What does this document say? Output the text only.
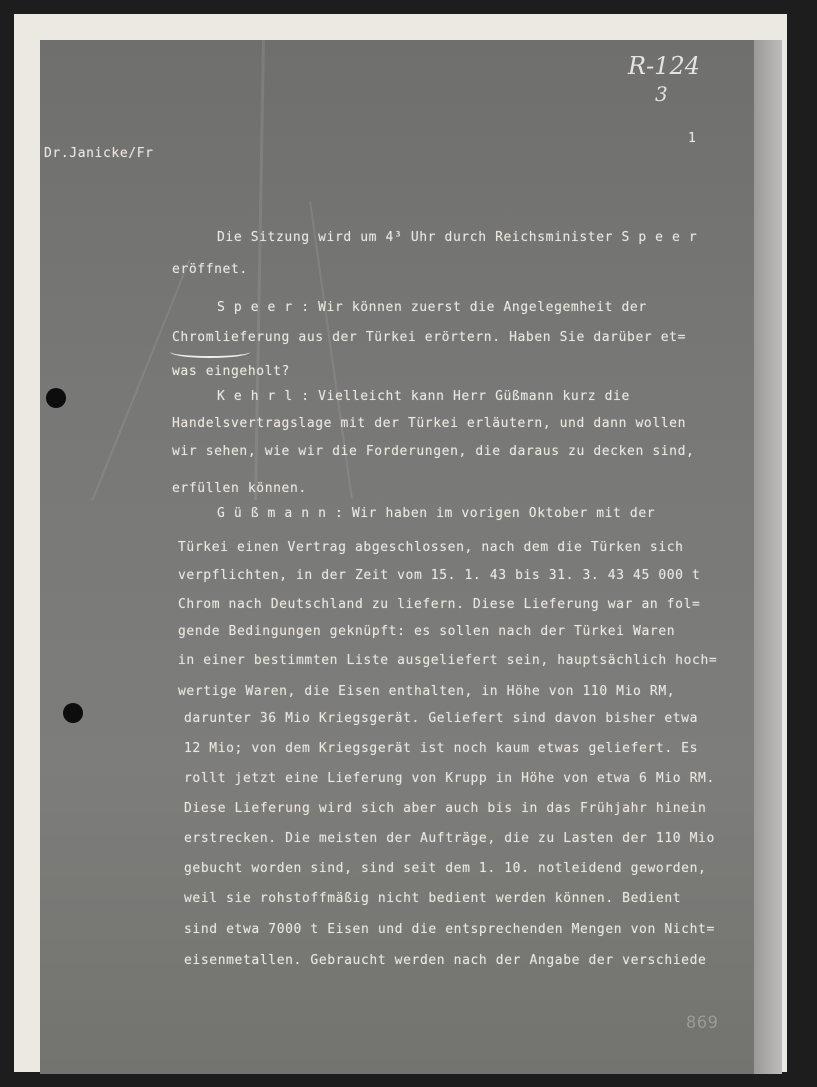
R-124
3
Dr.Janicke/Fr
1
Die Sitzung wird um 4³ Uhr durch Reichsminister S p e e r
eröffnet.
S p e e r : Wir können zuerst die Angelegemheit der
Chromlieferung aus der Türkei erörtern. Haben Sie darüber et=
was eingeholt?
K e h r l : Vielleicht kann Herr Güßmann kurz die
Handelsvertragslage mit der Türkei erläutern, und dann wollen
wir sehen, wie wir die Forderungen, die daraus zu decken sind,
erfüllen können.
G ü ß m a n n : Wir haben im vorigen Oktober mit der
Türkei einen Vertrag abgeschlossen, nach dem die Türken sich
verpflichten, in der Zeit vom 15. 1. 43 bis 31. 3. 43 45 000 t
Chrom nach Deutschland zu liefern. Diese Lieferung war an fol=
gende Bedingungen geknüpft: es sollen nach der Türkei Waren
in einer bestimmten Liste ausgeliefert sein, hauptsächlich hoch=
wertige Waren, die Eisen enthalten, in Höhe von 110 Mio RM,
darunter 36 Mio Kriegsgerät. Geliefert sind davon bisher etwa
12 Mio; von dem Kriegsgerät ist noch kaum etwas geliefert. Es
rollt jetzt eine Lieferung von Krupp in Höhe von etwa 6 Mio RM.
Diese Lieferung wird sich aber auch bis in das Frühjahr hinein
erstrecken. Die meisten der Aufträge, die zu Lasten der 110 Mio
gebucht worden sind, sind seit dem 1. 10. notleidend geworden,
weil sie rohstoffmäßig nicht bedient werden können. Bedient
sind etwa 7000 t Eisen und die entsprechenden Mengen von Nicht=
eisenmetallen. Gebraucht werden nach der Angabe der verschiede
869
